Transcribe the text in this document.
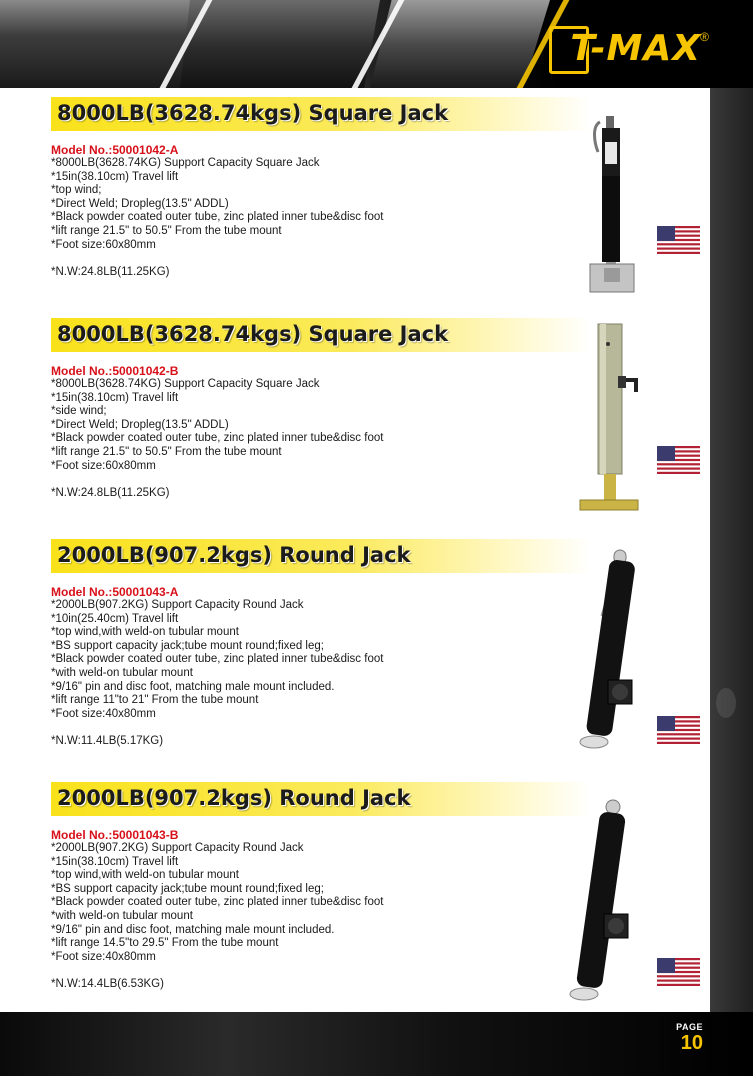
T-MAX ®
8000LB(3628.74kgs) Square Jack
Model No.:50001042-A
*8000LB(3628.74KG) Support Capacity Square Jack
*15in(38.10cm) Travel lift
*top wind;
*Direct Weld; Dropleg(13.5" ADDL)
*Black powder coated outer tube, zinc plated inner tube&disc foot
*lift range 21.5" to 50.5" From the tube mount
*Foot size:60x80mm
*N.W:24.8LB(11.25KG)
8000LB(3628.74kgs) Square Jack
Model No.:50001042-B
*8000LB(3628.74KG) Support Capacity Square Jack
*15in(38.10cm) Travel lift
*side wind;
*Direct Weld; Dropleg(13.5" ADDL)
*Black powder coated outer tube, zinc plated inner tube&disc foot
*lift range 21.5" to 50.5" From the tube mount
*Foot size:60x80mm
*N.W:24.8LB(11.25KG)
2000LB(907.2kgs) Round Jack
Model No.:50001043-A
*2000LB(907.2KG) Support Capacity Round Jack
*10in(25.40cm) Travel lift
*top wind,with weld-on tubular mount
*BS support capacity jack;tube mount round;fixed leg;
*Black powder coated outer tube, zinc plated inner tube&disc foot
*with weld-on tubular mount
*9/16" pin and disc foot, matching male mount included.
*lift range 11"to 21" From the tube mount
*Foot size:40x80mm
*N.W:11.4LB(5.17KG)
2000LB(907.2kgs) Round Jack
Model No.:50001043-B
*2000LB(907.2KG) Support Capacity Round Jack
*15in(38.10cm) Travel lift
*top wind,with weld-on tubular mount
*BS support capacity jack;tube mount round;fixed leg;
*Black powder coated outer tube, zinc plated inner tube&disc foot
*with weld-on tubular mount
*9/16" pin and disc foot, matching male mount included.
*lift range 14.5"to 29.5" From the tube mount
*Foot size:40x80mm
*N.W:14.4LB(6.53KG)
PAGE
10
